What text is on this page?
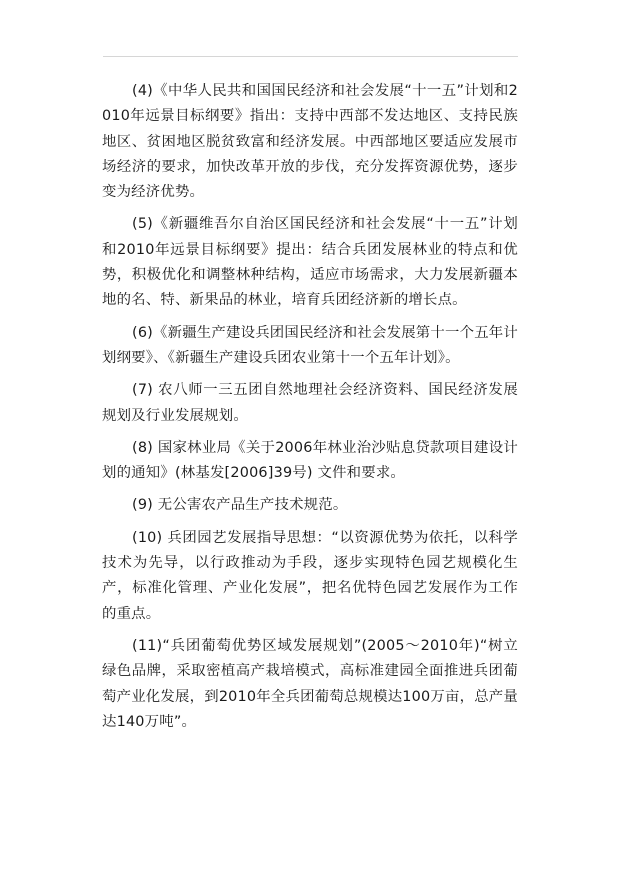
(4)《中华人民共和国国民经济和社会发展“十一五”计划和2010年远景目标纲要》指出：支持中西部不发达地区、支持民族地区、贫困地区脱贫致富和经济发展。中西部地区要适应发展市场经济的要求，加快改革开放的步伐，充分发挥资源优势，逐步变为经济优势。

(5)《新疆维吾尔自治区国民经济和社会发展“十一五”计划和2010年远景目标纲要》提出：结合兵团发展林业的特点和优势，积极优化和调整林种结构，适应市场需求，大力发展新疆本地的名、特、新果品的林业，培育兵团经济新的增长点。

(6)《新疆生产建设兵团国民经济和社会发展第十一个五年计划纲要》、《新疆生产建设兵团农业第十一个五年计划》。

(7) 农八师一三五团自然地理社会经济资料、国民经济发展规划及行业发展规划。

(8) 国家林业局《关于2006年林业治沙贴息贷款项目建设计划的通知》(林基发[2006]39号) 文件和要求。

(9) 无公害农产品生产技术规范。

(10) 兵团园艺发展指导思想：“以资源优势为依托，以科学技术为先导，以行政推动为手段，逐步实现特色园艺规模化生产，标准化管理、产业化发展”，把名优特色园艺发展作为工作的重点。

(11)“兵团葡萄优势区域发展规划”(2005～2010年)“树立绿色品牌，采取密植高产栽培模式，高标准建园全面推进兵团葡萄产业化发展，到2010年全兵团葡萄总规模达100万亩，总产量达140万吨”。
